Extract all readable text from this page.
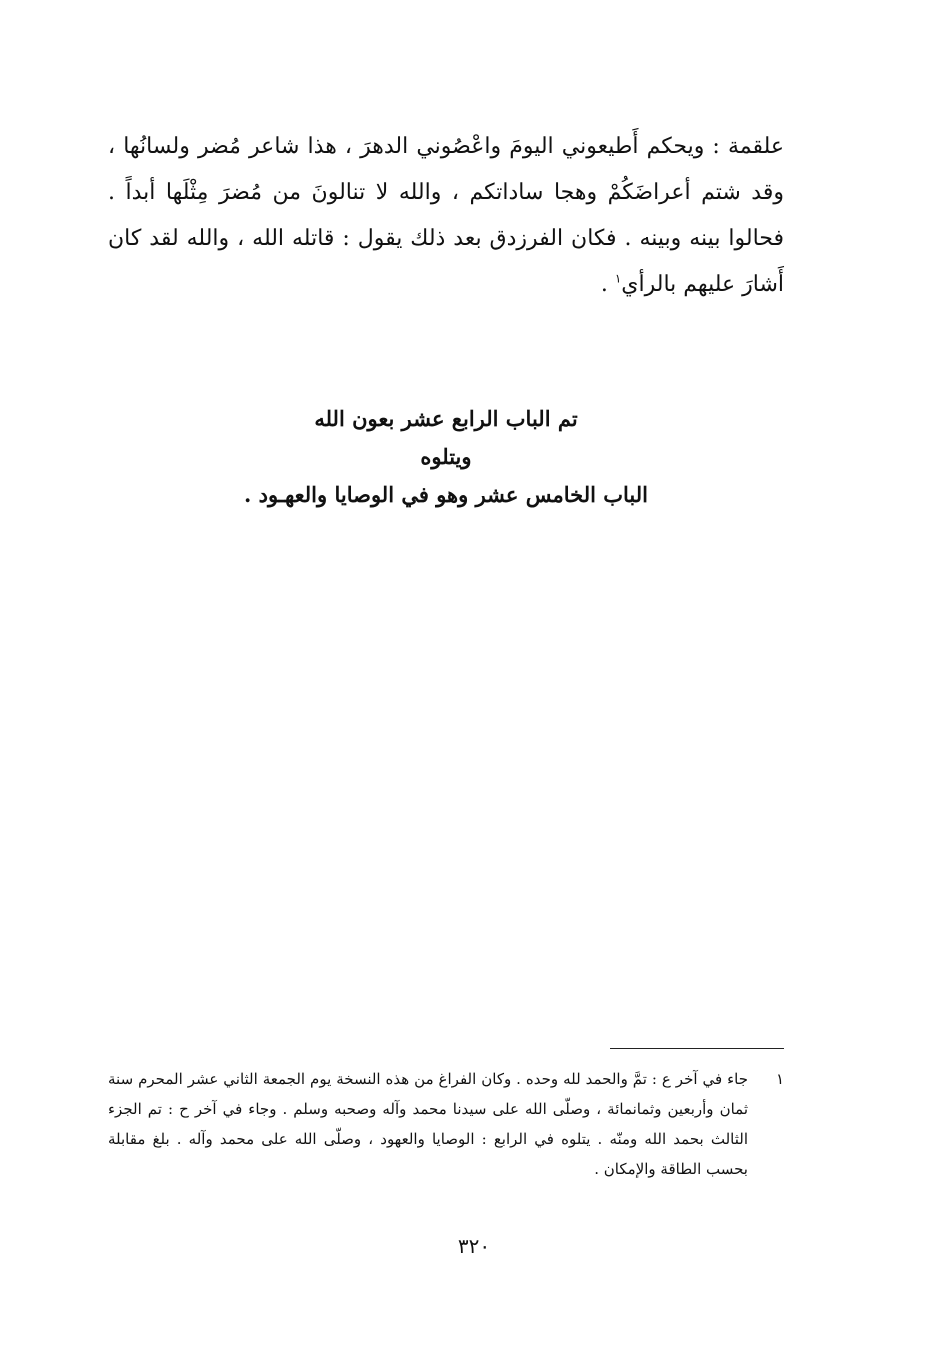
علقمة : ويحكم أَطيعوني اليومَ واعْصُوني الدهرَ ، هذا شاعر مُضر ولسانُها ، وقد شتم أعراضَكُمْ وهجا ساداتكم ، والله لا تنالونَ من مُضرَ مِثْلَها أبداً . فحالوا بينه وبينه . فكان الفرزدق بعد ذلك يقول : قاتله الله ، والله لقد كان أَشارَ عليهم بالرأي$^١$ .

تم الباب الرابع عشر بعون الله
ويتلوه
الباب الخامس عشر وهو في الوصايا والعهـود .
١
جاء في آخر ع : تمَّ والحمد لله وحده . وكان الفراغ من هذه النسخة يوم الجمعة الثاني عشر المحرم سنة ثمان وأربعين وثمانمائة ، وصلّى الله على سيدنا محمد وآله وصحبه وسلم . وجاء في آخر ح : تم الجزء الثالث بحمد الله ومنّه . يتلوه في الرابع : الوصايا والعهود ، وصلّى الله على محمد وآله . بلغ مقابلة بحسب الطاقة والإمكان .
٣٢٠
